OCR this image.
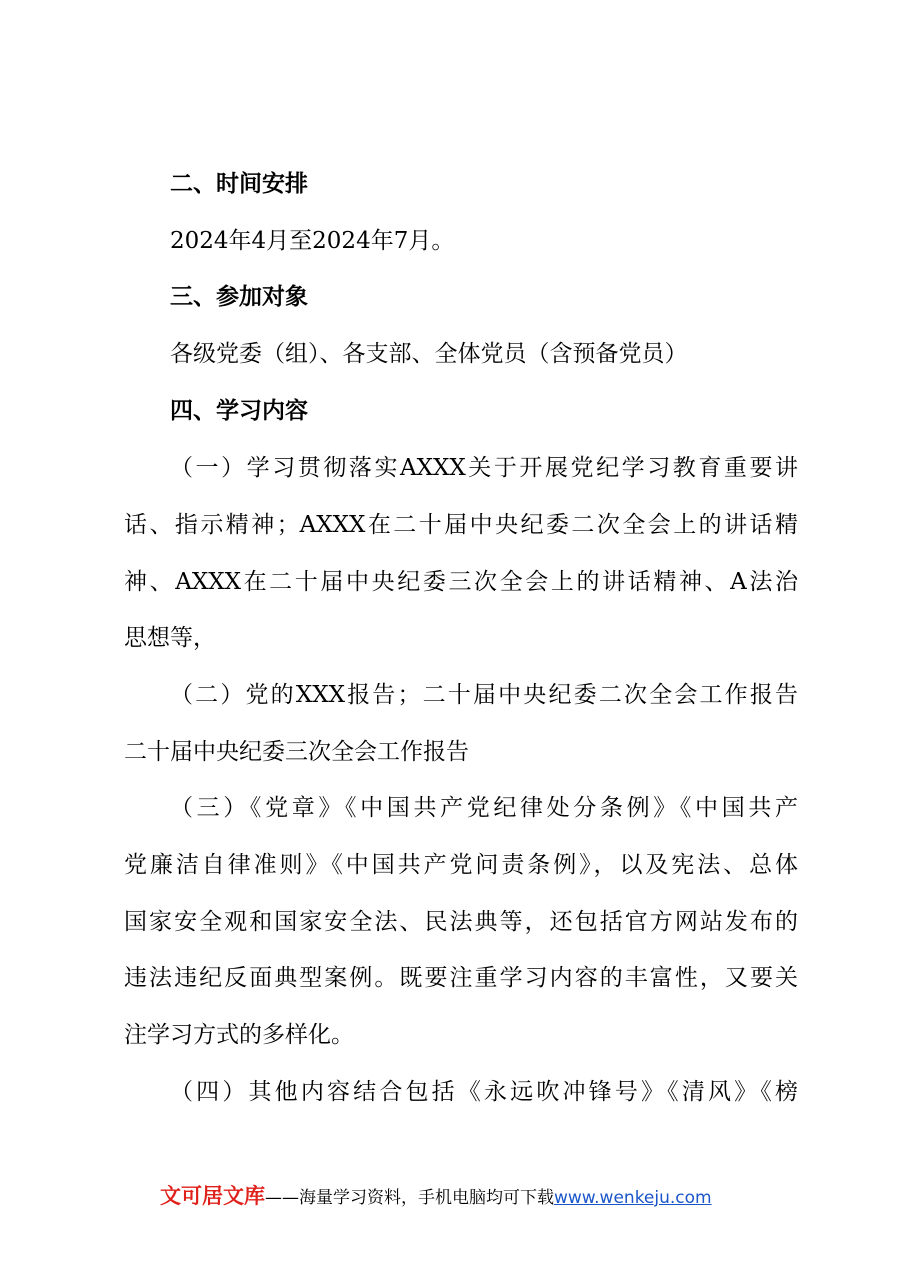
二、时间安排
2024年4月至2024年7月。
三、参加对象
各级党委（组）、各支部、全体党员（含预备党员）
四、学习内容
（一）学习贯彻落实AXXX关于开展党纪学习教育重要讲
话、指示精神；AXXX在二十届中央纪委二次全会上的讲话精
神、AXXX在二十届中央纪委三次全会上的讲话精神、A法治
思想等，
（二）党的XXX报告；二十届中央纪委二次全会工作报告
二十届中央纪委三次全会工作报告
（三）《党章》《中国共产党纪律处分条例》《中国共产
党廉洁自律准则》《中国共产党问责条例》，以及宪法、总体
国家安全观和国家安全法、民法典等，还包括官方网站发布的
违法违纪反面典型案例。既要注重学习内容的丰富性，又要关
注学习方式的多样化。
（四）其他内容结合包括《永远吹冲锋号》《清风》《榜
文可居文库——海量学习资料，手机电脑均可下载www.wenkeju.com
